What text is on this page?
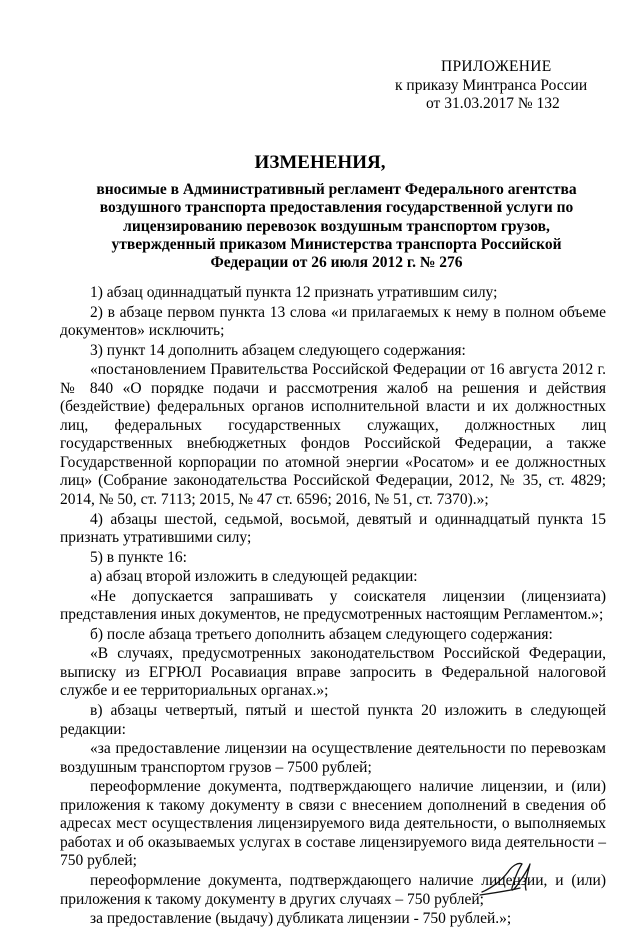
ПРИЛОЖЕНИЕ
к приказу Минтранса России
от 31.03.2017 № 132
ИЗМЕНЕНИЯ,
вносимые в Административный регламент Федерального агентства воздушного транспорта предоставления государственной услуги по лицензированию перевозок воздушным транспортом грузов, утвержденный приказом Министерства транспорта Российской Федерации от 26 июля 2012 г. № 276

1) абзац одиннадцатый пункта 12 признать утратившим силу;

2) в абзаце первом пункта 13 слова «и прилагаемых к нему в полном объеме документов» исключить;

3) пункт 14 дополнить абзацем следующего содержания:

«постановлением Правительства Российской Федерации от 16 августа 2012 г. № 840 «О порядке подачи и рассмотрения жалоб на решения и действия (бездействие) федеральных органов исполнительной власти и их должностных лиц, федеральных государственных служащих, должностных лиц государственных внебюджетных фондов Российской Федерации, а также Государственной корпорации по атомной энергии «Росатом» и ее должностных лиц» (Собрание законодательства Российской Федерации, 2012, № 35, ст. 4829; 2014, № 50, ст. 7113; 2015, № 47 ст. 6596; 2016, № 51, ст. 7370).»;

4) абзацы шестой, седьмой, восьмой, девятый и одиннадцатый пункта 15 признать утратившими силу;

5) в пункте 16:

а) абзац второй изложить в следующей редакции:

«Не допускается запрашивать у соискателя лицензии (лицензиата) представления иных документов, не предусмотренных настоящим Регламентом.»;

б) после абзаца третьего дополнить абзацем следующего содержания:

«В случаях, предусмотренных законодательством Российской Федерации, выписку из ЕГРЮЛ Росавиация вправе запросить в Федеральной налоговой службе и ее территориальных органах.»;

в) абзацы четвертый, пятый и шестой пункта 20 изложить в следующей редакции:

«за предоставление лицензии на осуществление деятельности по перевозкам воздушным транспортом грузов – 7500 рублей;

переоформление документа, подтверждающего наличие лицензии, и (или) приложения к такому документу в связи с внесением дополнений в сведения об адресах мест осуществления лицензируемого вида деятельности, о выполняемых работах и об оказываемых услугах в составе лицензируемого вида деятельности – 750 рублей;

переоформление документа, подтверждающего наличие лицензии, и (или) приложения к такому документу в других случаях – 750 рублей;

за предоставление (выдачу) дубликата лицензии - 750 рублей.»;
